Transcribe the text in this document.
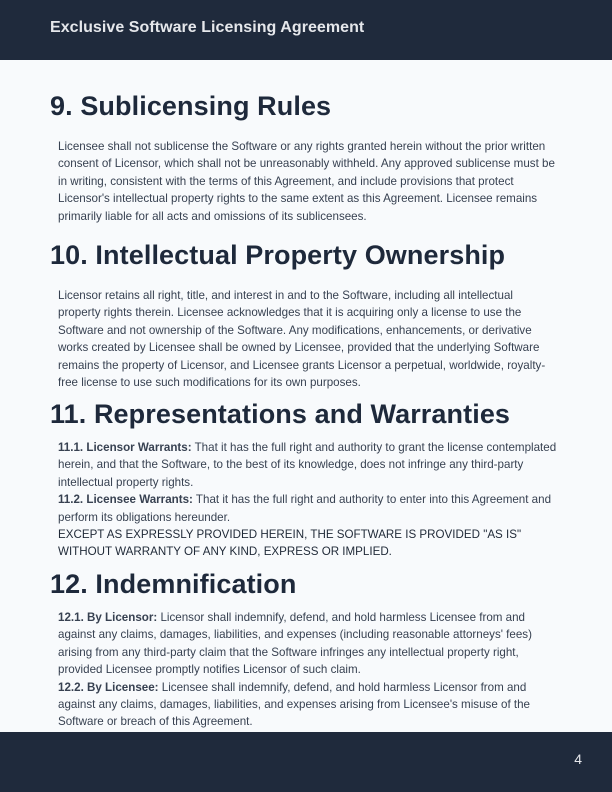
Exclusive Software Licensing Agreement
9. Sublicensing Rules

Licensee shall not sublicense the Software or any rights granted herein without the prior written consent of Licensor, which shall not be unreasonably withheld. Any approved sublicense must be in writing, consistent with the terms of this Agreement, and include provisions that protect Licensor's intellectual property rights to the same extent as this Agreement. Licensee remains primarily liable for all acts and omissions of its sublicensees.

10. Intellectual Property Ownership

Licensor retains all right, title, and interest in and to the Software, including all intellectual property rights therein. Licensee acknowledges that it is acquiring only a license to use the Software and not ownership of the Software. Any modifications, enhancements, or derivative works created by Licensee shall be owned by Licensee, provided that the underlying Software remains the property of Licensor, and Licensee grants Licensor a perpetual, worldwide, royalty-free license to use such modifications for its own purposes.

11. Representations and Warranties

11.1. Licensor Warrants: That it has the full right and authority to grant the license contemplated herein, and that the Software, to the best of its knowledge, does not infringe any third-party intellectual property rights.

11.2. Licensee Warrants: That it has the full right and authority to enter into this Agreement and perform its obligations hereunder.

EXCEPT AS EXPRESSLY PROVIDED HEREIN, THE SOFTWARE IS PROVIDED "AS IS" WITHOUT WARRANTY OF ANY KIND, EXPRESS OR IMPLIED.

12. Indemnification

12.1. By Licensor: Licensor shall indemnify, defend, and hold harmless Licensee from and against any claims, damages, liabilities, and expenses (including reasonable attorneys' fees) arising from any third-party claim that the Software infringes any intellectual property right, provided Licensee promptly notifies Licensor of such claim.

12.2. By Licensee: Licensee shall indemnify, defend, and hold harmless Licensor from and against any claims, damages, liabilities, and expenses arising from Licensee's misuse of the Software or breach of this Agreement.

4
